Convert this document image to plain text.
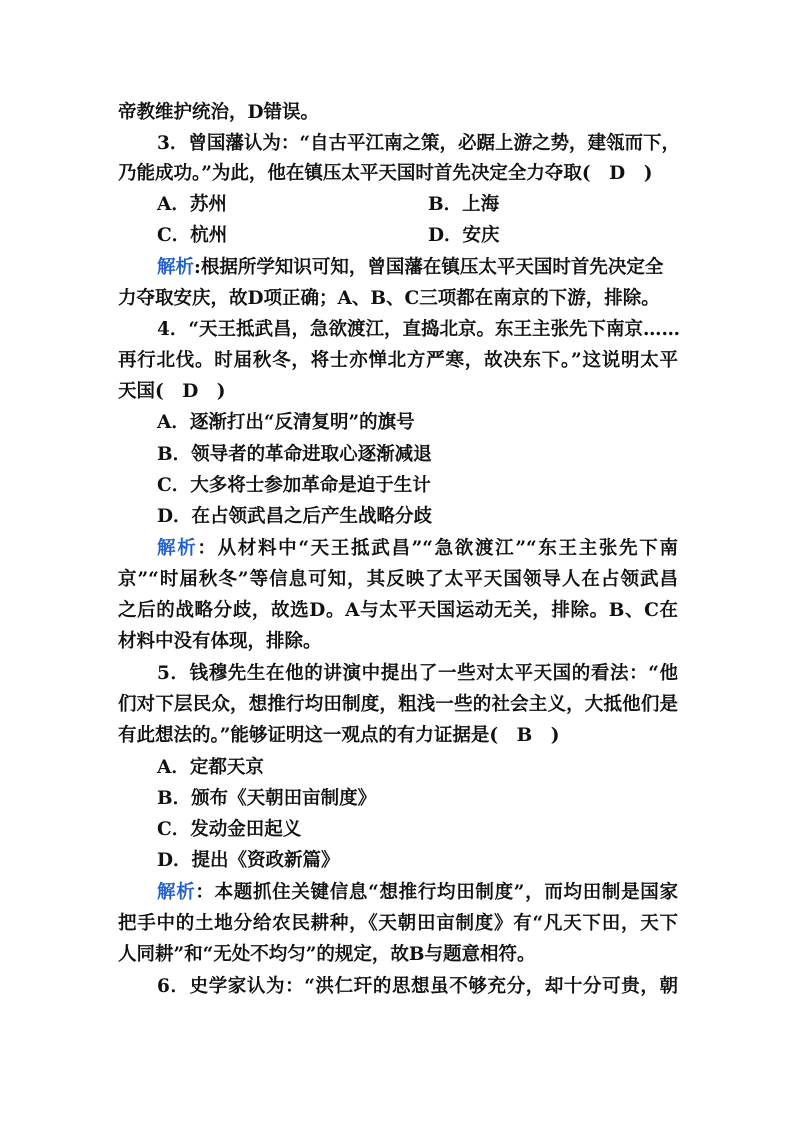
帝教维护统治，D错误。
3．曾国藩认为：“自古平江南之策，必踞上游之势，建瓴而下，
乃能成功。”为此，他在镇压太平天国时首先决定全力夺取(　D　)
A．苏州	B．上海
C．杭州	D．安庆
解析:根据所学知识可知，曾国藩在镇压太平天国时首先决定全
力夺取安庆，故D项正确；A、B、C三项都在南京的下游，排除。
4．“天王抵武昌，急欲渡江，直捣北京。东王主张先下南京……
再行北伐。时届秋冬，将士亦惮北方严寒，故决东下。”这说明太平
天国(　D　)
A．逐渐打出“反清复明”的旗号
B．领导者的革命进取心逐渐减退
C．大多将士参加革命是迫于生计
D．在占领武昌之后产生战略分歧
解析：从材料中“天王抵武昌”“急欲渡江”“东王主张先下南
京”“时届秋冬”等信息可知，其反映了太平天国领导人在占领武昌
之后的战略分歧，故选D。A与太平天国运动无关，排除。B、C在
材料中没有体现，排除。
5．钱穆先生在他的讲演中提出了一些对太平天国的看法：“他
们对下层民众，想推行均田制度，粗浅一些的社会主义，大抵他们是
有此想法的。”能够证明这一观点的有力证据是(　B　)
A．定都天京
B．颁布《天朝田亩制度》
C．发动金田起义
D．提出《资政新篇》
解析：本题抓住关键信息“想推行均田制度”，而均田制是国家
把手中的土地分给农民耕种，《天朝田亩制度》有“凡天下田，天下
人同耕”和“无处不均匀”的规定，故B与题意相符。
6．史学家认为：“洪仁玕的思想虽不够充分，却十分可贵，朝
